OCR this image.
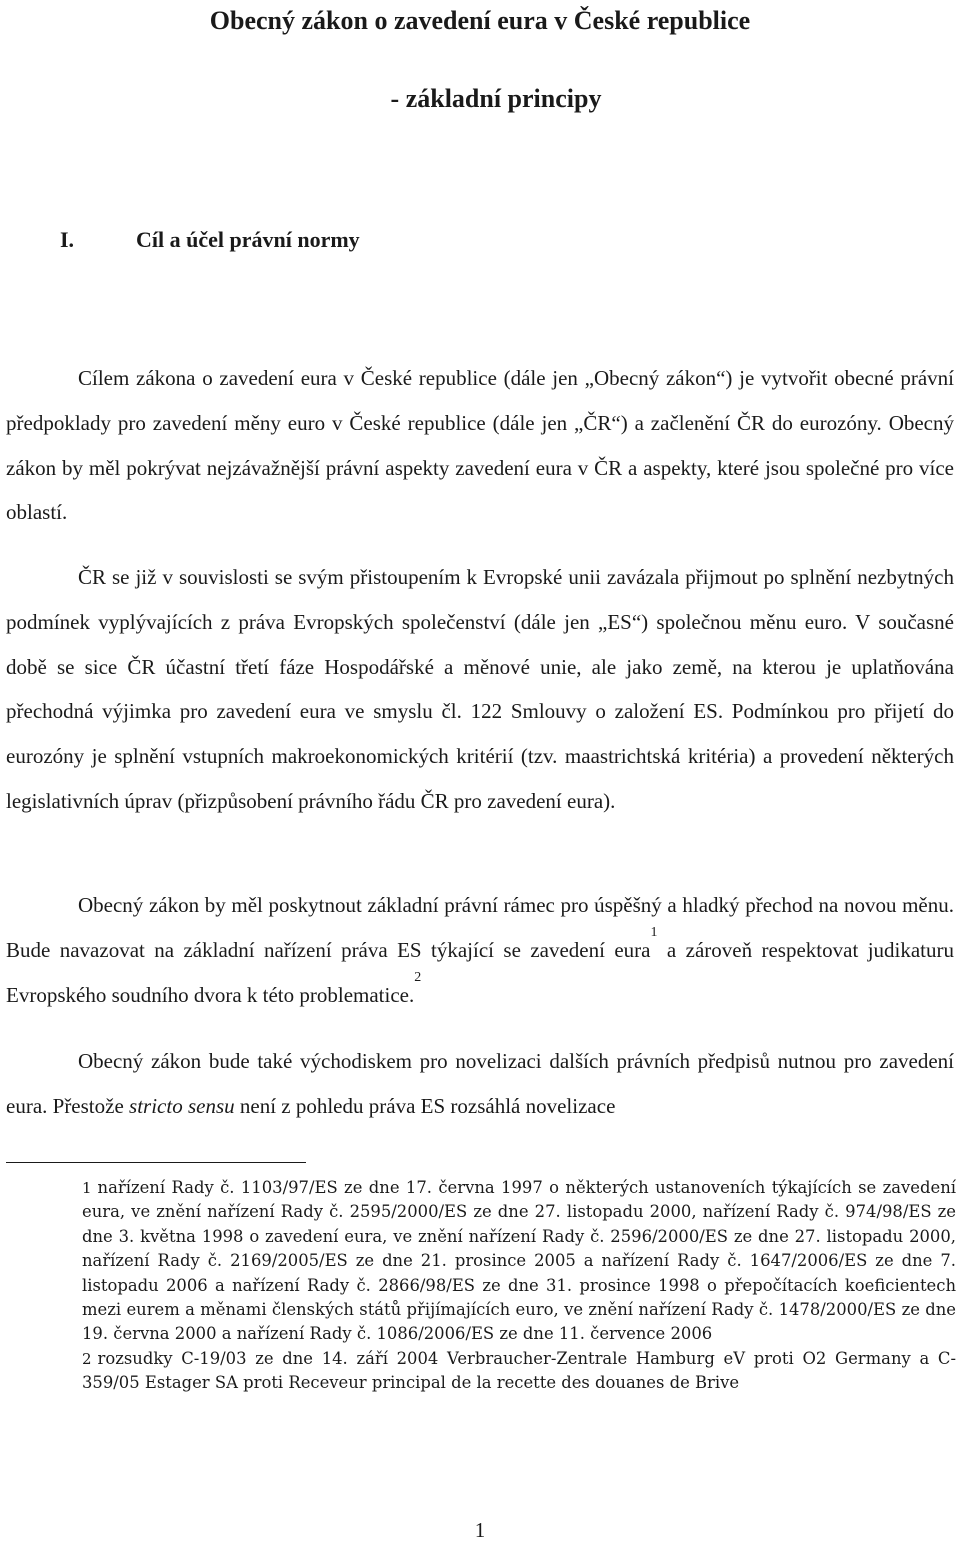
Obecný zákon o zavedení eura v České republice
- základní principy
I.	Cíl a účel právní normy

Cílem zákona o zavedení eura v České republice (dále jen „Obecný zákon“) je vytvořit obecné právní předpoklady pro zavedení měny euro v České republice (dále jen „ČR“) a začlenění ČR do eurozóny. Obecný zákon by měl pokrývat nejzávažnější právní aspekty zavedení eura v ČR a aspekty, které jsou společné pro více oblastí.

ČR se již v souvislosti se svým přistoupením k Evropské unii zavázala přijmout po splnění nezbytných podmínek vyplývajících z práva Evropských společenství (dále jen „ES“) společnou měnu euro. V současné době se sice ČR účastní třetí fáze Hospodářské a měnové unie, ale jako země, na kterou je uplatňována přechodná výjimka pro zavedení eura ve smyslu čl. 122 Smlouvy o založení ES. Podmínkou pro přijetí do eurozóny je splnění vstupních makroekonomických kritérií (tzv. maastrichtská kritéria) a provedení některých legislativních úprav (přizpůsobení právního řádu ČR pro zavedení eura).

Obecný zákon by měl poskytnout základní právní rámec pro úspěšný a hladký přechod na novou měnu. Bude navazovat na základní nařízení práva ES týkající se zavedení eura$^1$ a zároveň respektovat judikaturu Evropského soudního dvora k této problematice.$^2$

Obecný zákon bude také východiskem pro novelizaci dalších právních předpisů nutnou pro zavedení eura. Přestože stricto sensu není z pohledu práva ES rozsáhlá novelizace

1 nařízení Rady č. 1103/97/ES ze dne 17. června 1997 o některých ustanoveních týkajících se zavedení eura, ve znění nařízení Rady č. 2595/2000/ES ze dne 27. listopadu 2000, nařízení Rady č. 974/98/ES ze dne 3. května 1998 o zavedení eura, ve znění nařízení Rady č. 2596/2000/ES ze dne 27. listopadu 2000, nařízení Rady č. 2169/2005/ES ze dne 21. prosince 2005 a nařízení Rady č. 1647/2006/ES ze dne 7. listopadu 2006 a nařízení Rady č. 2866/98/ES ze dne 31. prosince 1998 o přepočítacích koeficientech mezi eurem a měnami členských států přijímajících euro, ve znění nařízení Rady č. 1478/2000/ES ze dne 19. června 2000 a nařízení Rady č. 1086/2006/ES ze dne 11. července 2006

2 rozsudky C-19/03 ze dne 14. září 2004 Verbraucher-Zentrale Hamburg eV proti O2 Germany a C-359/05 Estager SA proti Receveur principal de la recette des douanes de Brive

1
